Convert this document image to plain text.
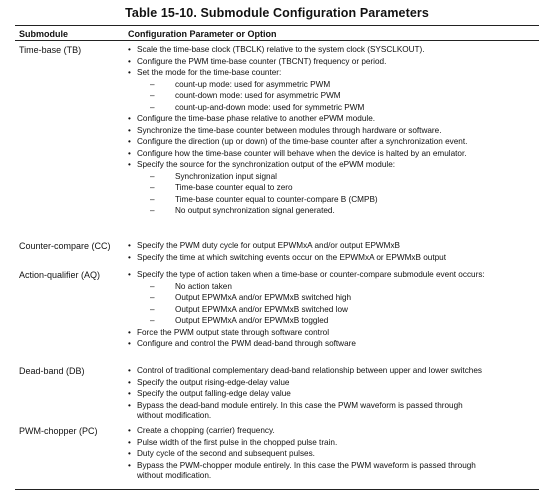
Table 15-10. Submodule Configuration Parameters
Submodule	Configuration Parameter or Option
Time-base (TB)	• Scale the time-base clock (TBCLK) relative to the system clock (SYSCLKOUT).
• Configure the PWM time-base counter (TBCNT) frequency or period.
• Set the mode for the time-base counter:
– count-up mode: used for asymmetric PWM
– count-down mode: used for asymmetric PWM
– count-up-and-down mode: used for symmetric PWM
• Configure the time-base phase relative to another ePWM module.
• Synchronize the time-base counter between modules through hardware or software.
• Configure the direction (up or down) of the time-base counter after a synchronization event.
• Configure how the time-base counter will behave when the device is halted by an emulator.
• Specify the source for the synchronization output of the ePWM module:
– Synchronization input signal
– Time-base counter equal to zero
– Time-base counter equal to counter-compare B (CMPB)
– No output synchronization signal generated.
Counter-compare (CC) • Specify the PWM duty cycle for output EPWMxA and/or output EPWMxB
• Specify the time at which switching events occur on the EPWMxA or EPWMxB output
Action-qualifier (AQ)	• Specify the type of action taken when a time-base or counter-compare submodule event occurs:
– No action taken
– Output EPWMxA and/or EPWMxB switched high
– Output EPWMxA and/or EPWMxB switched low
– Output EPWMxA and/or EPWMxB toggled
• Force the PWM output state through software control
• Configure and control the PWM dead-band through software
Dead-band (DB)	• Control of traditional complementary dead-band relationship between upper and lower switches
• Specify the output rising-edge-delay value
• Specify the output falling-edge delay value
• Bypass the dead-band module entirely. In this case the PWM waveform is passed through
without modification.
PWM-chopper (PC)	• Create a chopping (carrier) frequency.
• Pulse width of the first pulse in the chopped pulse train.
• Duty cycle of the second and subsequent pulses.
• Bypass the PWM-chopper module entirely. In this case the PWM waveform is passed through
without modification.
